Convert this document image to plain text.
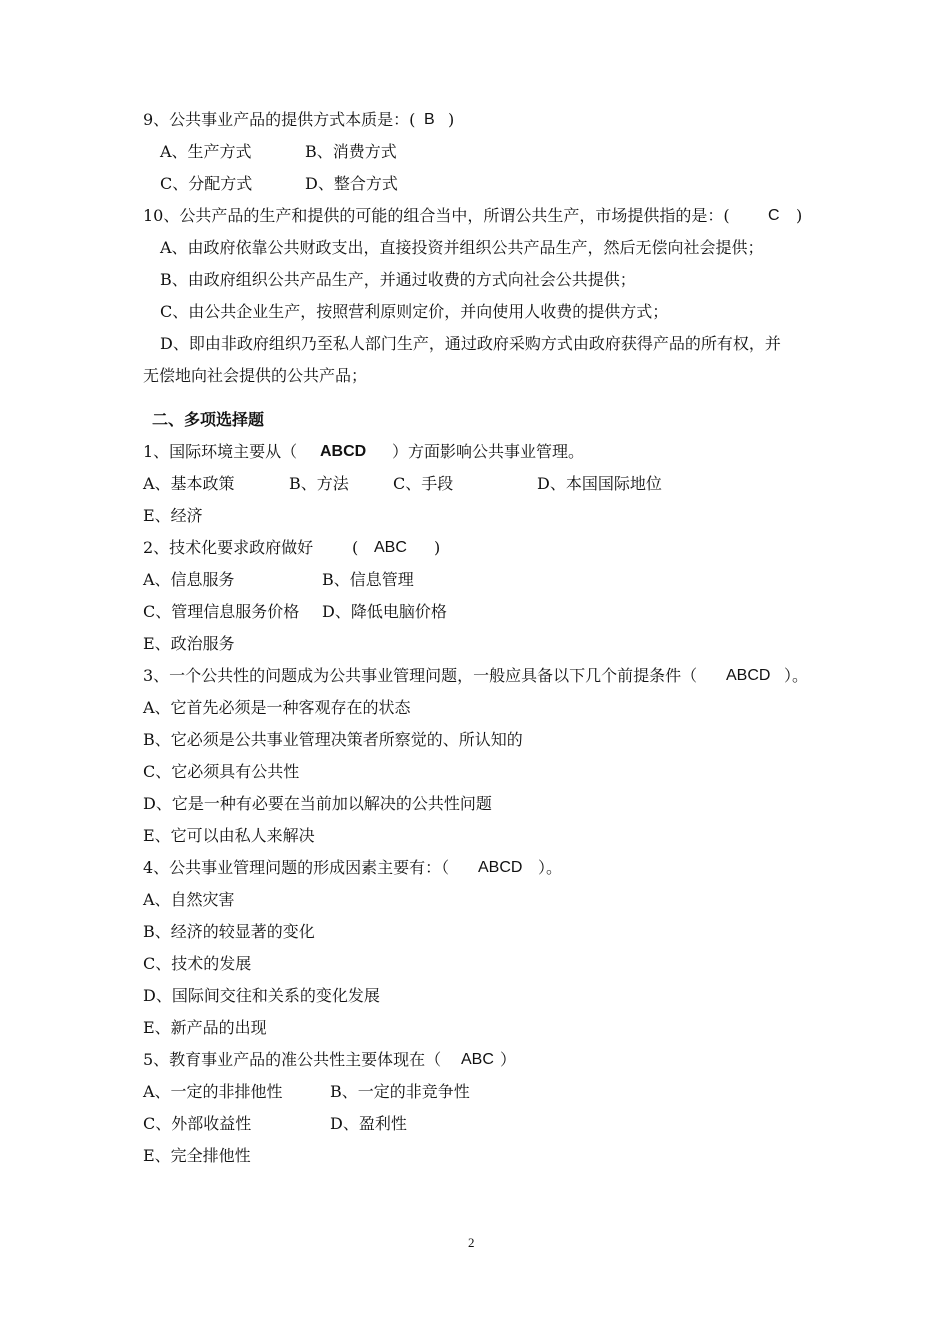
9、公共事业产品的提供方式本质是：( B )
A、生产方式	B、消费方式
C、分配方式	D、整合方式
10、公共产品的生产和提供的可能的组合当中，所谓公共生产，市场提供指的是：( C )
A、由政府依靠公共财政支出，直接投资并组织公共产品生产，然后无偿向社会提供；
B、由政府组织公共产品生产，并通过收费的方式向社会公共提供；
C、由公共企业生产，按照营利原则定价，并向使用人收费的提供方式；
D、即由非政府组织乃至私人部门生产，通过政府采购方式由政府获得产品的所有权，并
无偿地向社会提供的公共产品；
二、多项选择题
1、国际环境主要从（ ABCD ）方面影响公共事业管理。
A、基本政策	B、方法	C、手段	D、本国国际地位
E、经济
2、技术化要求政府做好 ( ABC )
A、信息服务	B、信息管理
C、管理信息服务价格 D、降低电脑价格
E、政治服务
3、一个公共性的问题成为公共事业管理问题，一般应具备以下几个前提条件（ ABCD ）。
A、它首先必须是一种客观存在的状态
B、它必须是公共事业管理决策者所察觉的、所认知的
C、它必须具有公共性
D、它是一种有必要在当前加以解决的公共性问题
E、它可以由私人来解决
4、公共事业管理问题的形成因素主要有：（ ABCD ）。
A、自然灾害
B、经济的较显著的变化
C、技术的发展
D、国际间交往和关系的变化发展
E、新产品的出现
5、教育事业产品的准公共性主要体现在（ ABC ）
A、一定的非排他性	B、一定的非竞争性
C、外部收益性	D、盈利性
E、完全排他性
2
